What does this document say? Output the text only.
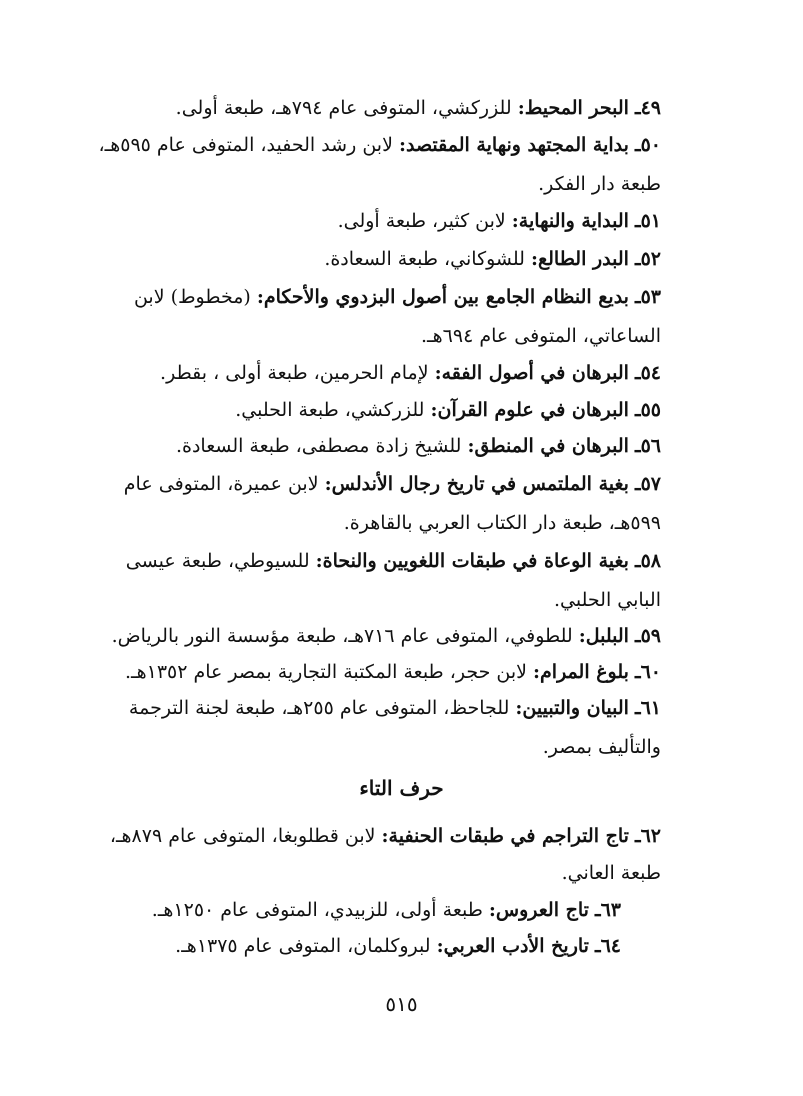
٤٩ـ البحر المحيط: للزركشي، المتوفى عام ٧٩٤هـ، طبعة أولى.
٥٠ـ بداية المجتهد ونهاية المقتصد: لابن رشد الحفيد، المتوفى عام ٥٩٥هـ،
طبعة دار الفكر.
٥١ـ البداية والنهاية: لابن كثير، طبعة أولى.
٥٢ـ البدر الطالع: للشوكاني، طبعة السعادة.
٥٣ـ بديع النظام الجامع بين أصول البزدوي والأحكام: (مخطوط) لابن
الساعاتي، المتوفى عام ٦٩٤هـ.
٥٤ـ البرهان في أصول الفقه: لإمام الحرمين، طبعة أولى ، بقطر.
٥٥ـ البرهان في علوم القرآن: للزركشي، طبعة الحلبي.
٥٦ـ البرهان في المنطق: للشيخ زادة مصطفى، طبعة السعادة.
٥٧ـ بغية الملتمس في تاريخ رجال الأندلس: لابن عميرة، المتوفى عام
٥٩٩هـ، طبعة دار الكتاب العربي بالقاهرة.
٥٨ـ بغية الوعاة في طبقات اللغويين والنحاة: للسيوطي، طبعة عيسى
البابي الحلبي.
٥٩ـ البلبل: للطوفي، المتوفى عام ٧١٦هـ، طبعة مؤسسة النور بالرياض.
٦٠ـ بلوغ المرام: لابن حجر، طبعة المكتبة التجارية بمصر عام ١٣٥٢هـ.
٦١ـ البيان والتبيين: للجاحظ، المتوفى عام ٢٥٥هـ، طبعة لجنة الترجمة
والتأليف بمصر.
حرف التاء
٦٢ـ تاج التراجم في طبقات الحنفية: لابن قطلوبغا، المتوفى عام ٨٧٩هـ،
طبعة العاني.
٦٣ـ تاج العروس: طبعة أولى، للزبيدي، المتوفى عام ١٢٥٠هـ.
٦٤ـ تاريخ الأدب العربي: لبروكلمان، المتوفى عام ١٣٧٥هـ.
٥١٥
